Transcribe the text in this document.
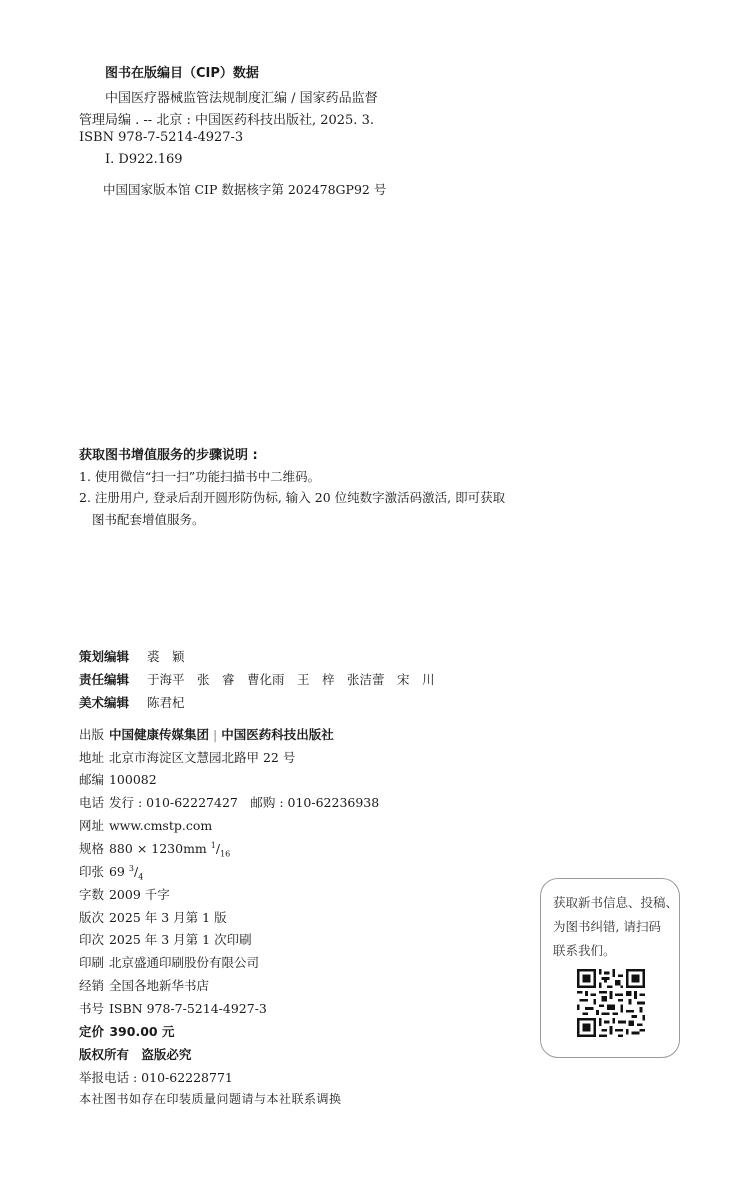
图书在版编目（CIP）数据
中国医疗器械监管法规制度汇编 / 国家药品监督
管理局编 . -- 北京 : 中国医药科技出版社, 2025. 3.
ISBN 978-7-5214-4927-3
Ⅰ. D922.169
中国国家版本馆 CIP 数据核字第 202478GP92 号
获取图书增值服务的步骤说明 :
1. 使用微信“扫一扫”功能扫描书中二维码。
2. 注册用户, 登录后刮开圆形防伪标, 输入 20 位纯数字激活码激活, 即可获取
图书配套增值服务。
策划编辑 裘　颖
责任编辑 于海平　张　睿　曹化雨　王　梓　张洁蕾　宋　川
美术编辑 陈君杞
出版 中国健康传媒集团 | 中国医药科技出版社
地址 北京市海淀区文慧园北路甲 22 号
邮编 100082
电话 发行 : 010-62227427　邮购 : 010-62236938
网址 www.cmstp.com
规格 880 × 1230mm $^1/_{16}$
印张 69 $^3/_4$
字数 2009 千字
版次 2025 年 3 月第 1 版
印次 2025 年 3 月第 1 次印刷
印刷 北京盛通印刷股份有限公司
经销 全国各地新华书店
书号 ISBN 978-7-5214-4927-3
定价 390.00 元
版权所有 盗版必究
举报电话 : 010-62228771
本社图书如存在印装质量问题请与本社联系调换
获取新书信息、投稿、
为图书纠错, 请扫码
联系我们。
